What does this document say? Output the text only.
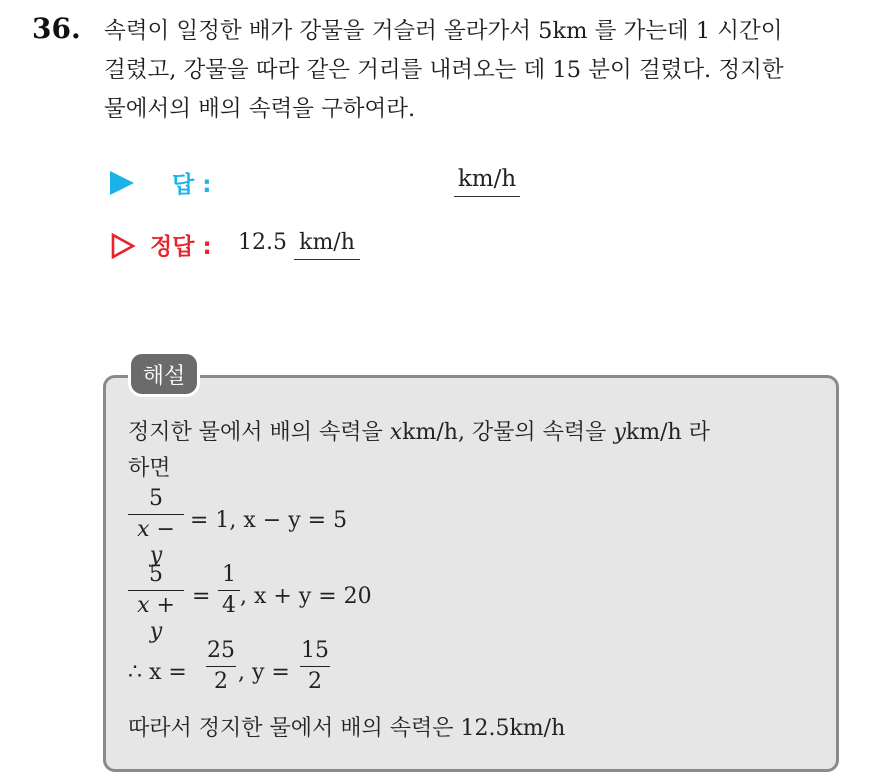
36. 속력이 일정한 배가 강물을 거슬러 올라가서 5km 를 가는데 1 시간이
걸렸고, 강물을 따라 같은 거리를 내려오는 데 15 분이 걸렸다. 정지한
물에서의 배의 속력을 구하여라.
답 :	km/h
정답 : 12.5 km/h
해설
정지한 물에서 배의 속력을 xkm/h, 강물의 속력을 ykm/h 라
하면
5
x − y
= 1, x − y = 5
5
x + y
=
1
4 , x + y = 20
∴ x =
25
2 , y =
15
2
따라서 정지한 물에서 배의 속력은 12.5km/h
